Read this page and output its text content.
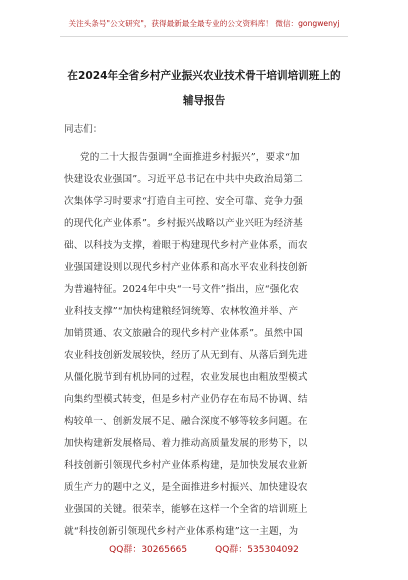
关注头条号"公文研究"，获得最新最全最专业的公文资料库！ 微信：gongwenyj
在2024年全省乡村产业振兴农业技术骨干培训培训班上的
辅导报告
同志们：
党的二十大报告强调“全面推进乡村振兴”，要求“加
快建设农业强国”。习近平总书记在中共中央政治局第二
次集体学习时要求“打造自主可控、安全可靠、竞争力强
的现代化产业体系”。乡村振兴战略以产业兴旺为经济基
础、以科技为支撑，着眼于构建现代乡村产业体系，而农
业强国建设则以现代乡村产业体系和高水平农业科技创新
为普遍特征。2024年中央“一号文件”指出，应“强化农
业科技支撑”“加快构建粮经饲统筹、农林牧渔并举、产
加销贯通、农文旅融合的现代乡村产业体系”。虽然中国
农业科技创新发展较快，经历了从无到有、从落后到先进
从僵化脱节到有机协同的过程，农业发展也由粗放型模式
向集约型模式转变，但是乡村产业仍存在布局不协调、结
构较单一、创新发展不足、融合深度不够等较多问题。在
加快构建新发展格局、着力推动高质量发展的形势下，以
科技创新引领现代乡村产业体系构建，是加快发展农业新
质生产力的题中之义，是全面推进乡村振兴、加快建设农
业强国的关键。很荣幸，能够在这样一个全省的培训班上
就“科技创新引领现代乡村产业体系构建”这一主题，为
QQ群：30265665	QQ群：535304092
